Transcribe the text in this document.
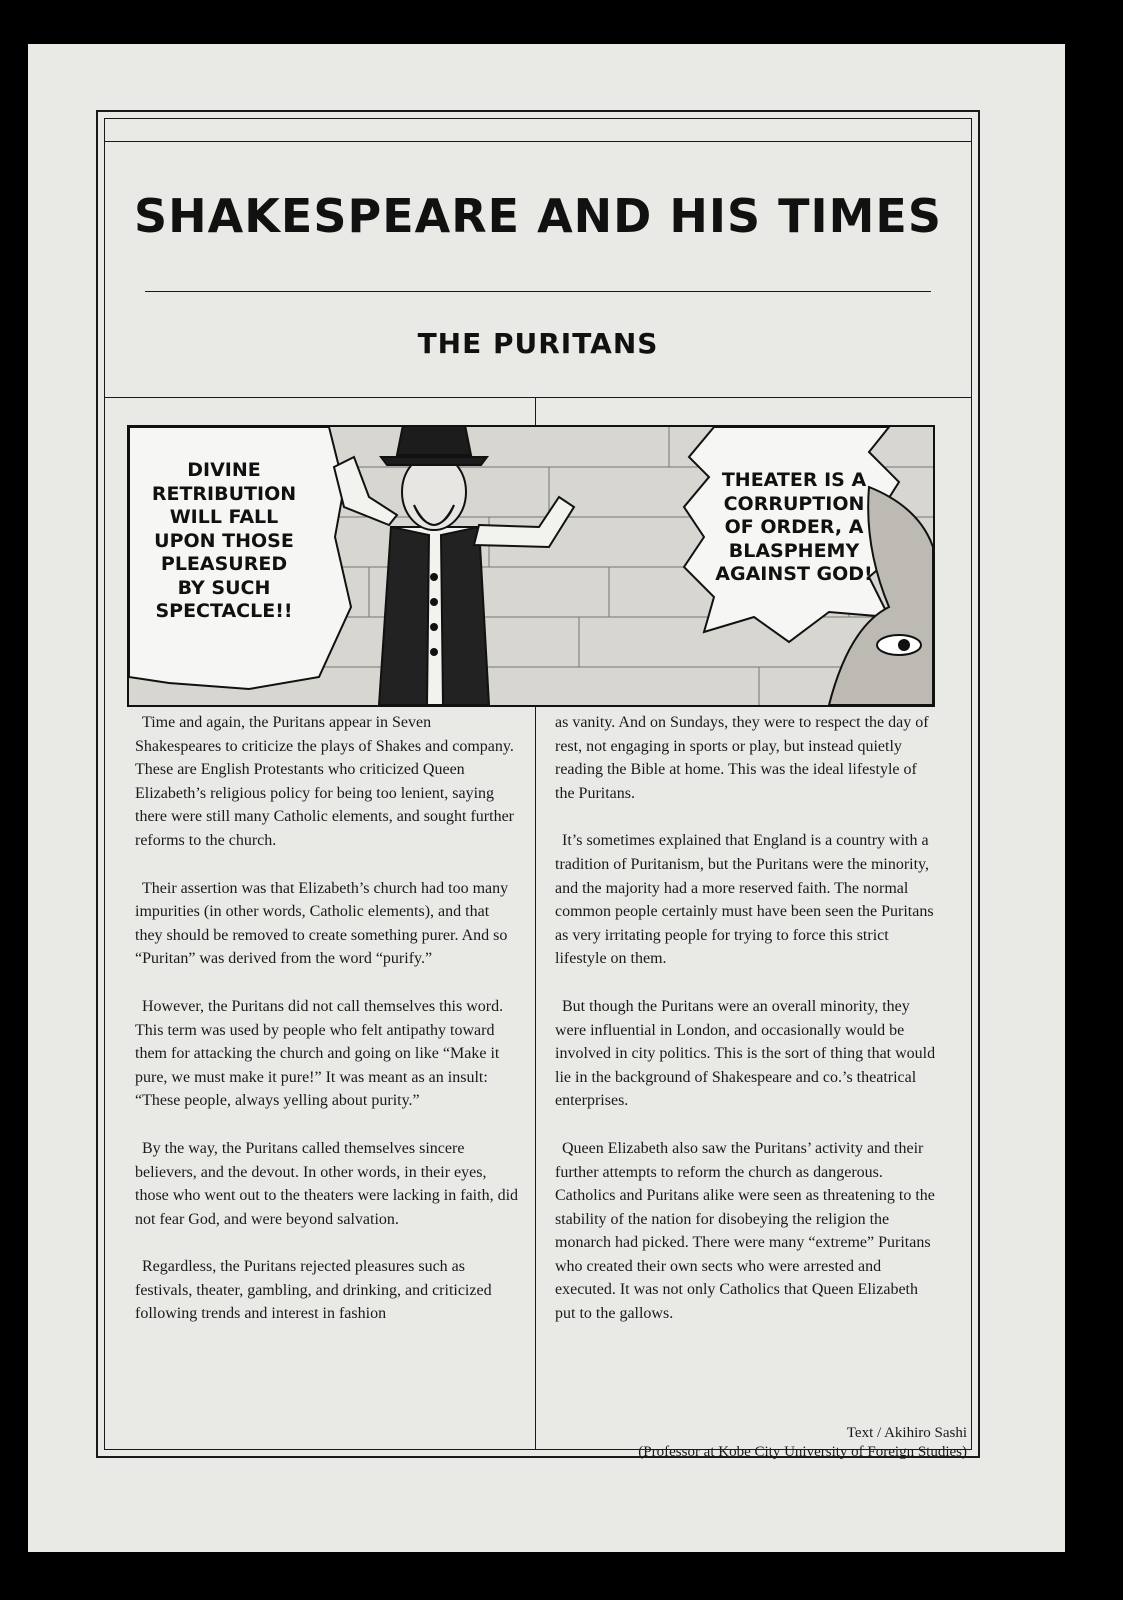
SHAKESPEARE AND HIS TIMES
THE PURITANS
DIVINE
RETRIBUTION
WILL FALL
UPON THOSE
PLEASURED
BY SUCH
SPECTACLE!!
THEATER IS A
CORRUPTION
OF ORDER, A
BLASPHEMY
AGAINST GOD!

Time and again, the Puritans appear in Seven Shakespeares to criticize the plays of Shakes and company. These are English Protestants who criticized Queen Elizabeth’s religious policy for being too lenient, saying there were still many Catholic elements, and sought further reforms to the church.

Their assertion was that Elizabeth’s church had too many impurities (in other words, Catholic elements), and that they should be removed to create something purer. And so “Puritan” was derived from the word “purify.”

However, the Puritans did not call themselves this word. This term was used by people who felt antipathy toward them for attacking the church and going on like “Make it pure, we must make it pure!” It was meant as an insult: “These people, always yelling about purity.”

By the way, the Puritans called themselves sincere believers, and the devout. In other words, in their eyes, those who went out to the theaters were lacking in faith, did not fear God, and were beyond salvation.

Regardless, the Puritans rejected pleasures such as festivals, theater, gambling, and drinking, and criticized following trends and interest in fashion

as vanity. And on Sundays, they were to respect the day of rest, not engaging in sports or play, but instead quietly reading the Bible at home. This was the ideal lifestyle of the Puritans.

It’s sometimes explained that England is a country with a tradition of Puritanism, but the Puritans were the minority, and the majority had a more reserved faith. The normal common people certainly must have been seen the Puritans as very irritating people for trying to force this strict lifestyle on them.

But though the Puritans were an overall minority, they were influential in London, and occasionally would be involved in city politics. This is the sort of thing that would lie in the background of Shakespeare and co.’s theatrical enterprises.

Queen Elizabeth also saw the Puritans’ activity and their further attempts to reform the church as dangerous. Catholics and Puritans alike were seen as threatening to the stability of the nation for disobeying the religion the monarch had picked. There were many “extreme” Puritans who created their own sects who were arrested and executed. It was not only Catholics that Queen Elizabeth put to the gallows.

Text / Akihiro Sashi
(Professor at Kobe City University of Foreign Studies)
